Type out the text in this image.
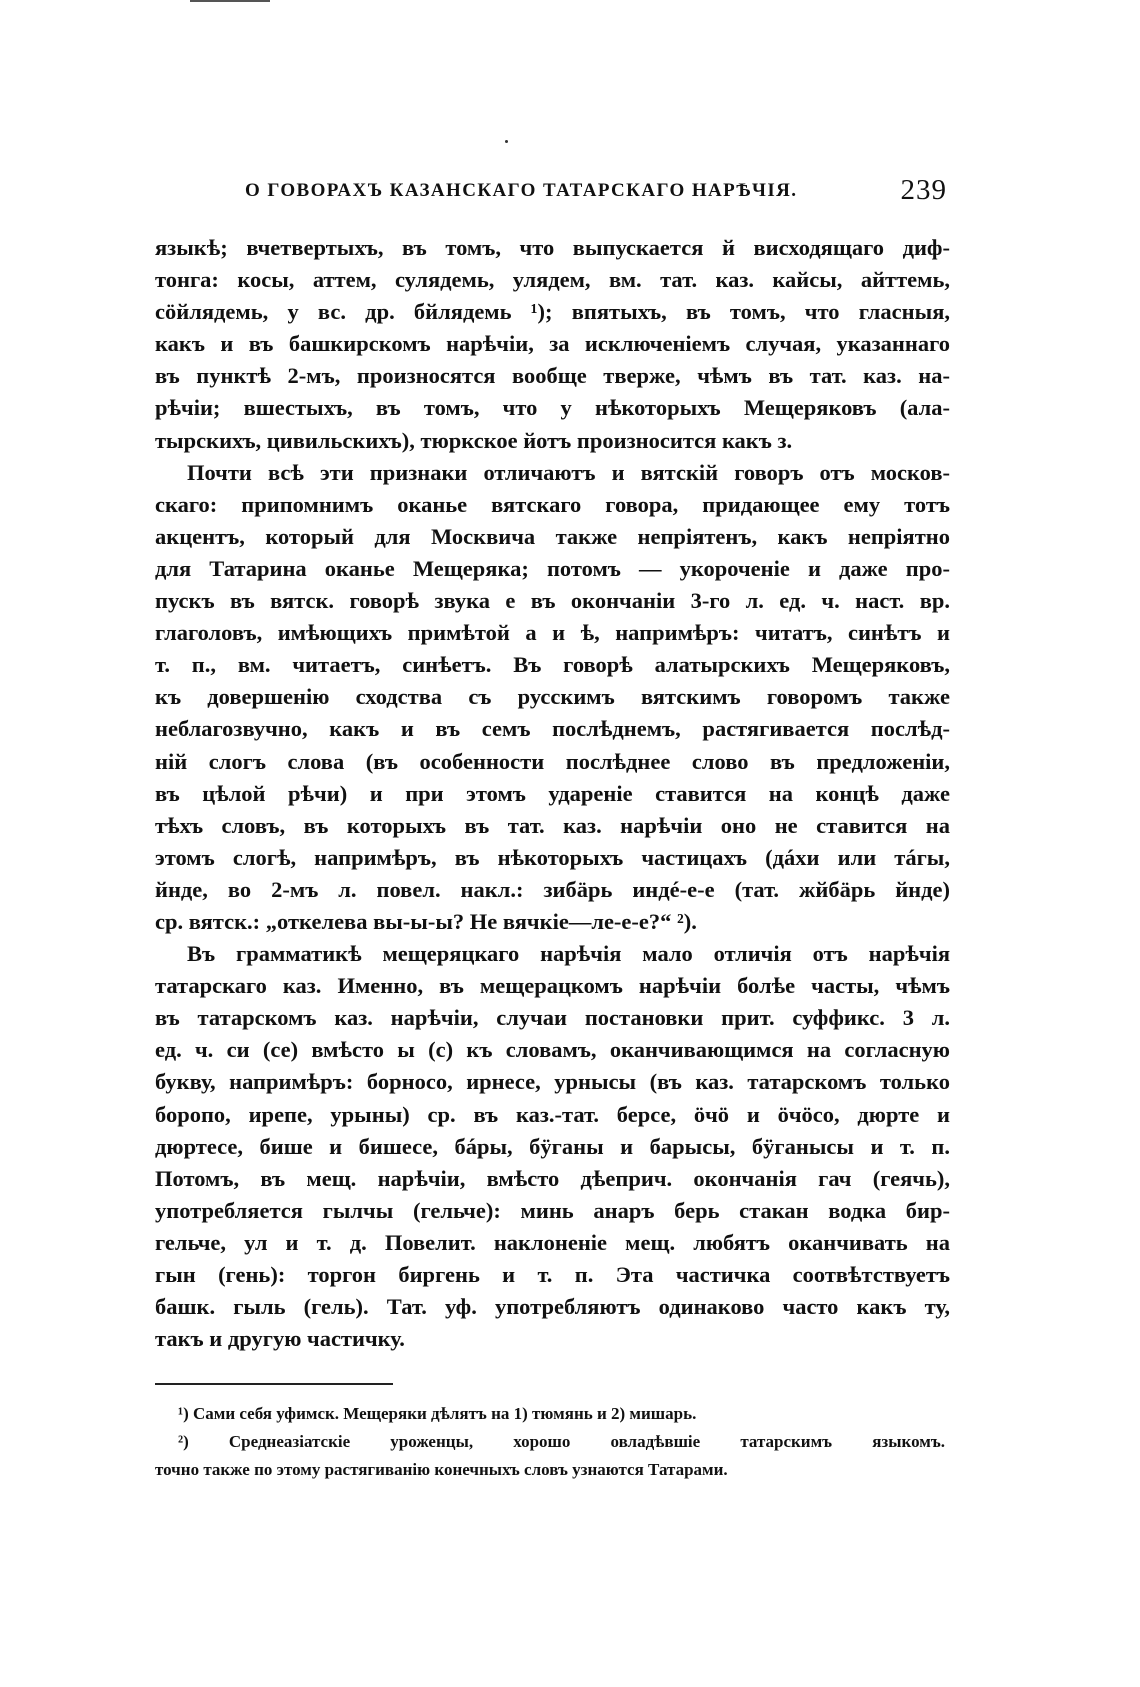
О ГОВОРАХЪ КАЗАНСКАГО ТАТАРСКАГО НАРѢЧІЯ.	239
языкѣ; вчетвертыхъ, въ томъ, что выпускается й висходящаго диф-
тонга: косы, аттем, сулядемь, улядем, вм. тат. каз. кайсы, айттемь,
сöйлядемь, у вс. др. бйлядемь ¹); впятыхъ, въ томъ, что гласныя,
какъ и въ башкирскомъ нарѣчіи, за исключеніемъ случая, указаннаго
въ пунктѣ 2-мъ, произносятся вообще тверже, чѣмъ въ тат. каз. на-
рѣчіи; вшестыхъ, въ томъ, что у нѣкоторыхъ Мещеряковъ (ала-
тырскихъ, цивильскихъ), тюркское йотъ произносится какъ з.
Почти всѣ эти признаки отличаютъ и вятскій говоръ отъ москов-
скаго: припомнимъ оканье вятскаго говора, придающее ему тотъ
акцентъ, который для Москвича также непріятенъ, какъ непріятно
для Татарина оканье Мещеряка; потомъ — укороченіе и даже про-
пускъ въ вятск. говорѣ звука е въ окончаніи 3-го л. ед. ч. наст. вр.
глаголовъ, имѣющихъ примѣтой а и ѣ, напримѣръ: читатъ, синѣтъ и
т. п., вм. читаетъ, синѣетъ. Въ говорѣ алатырскихъ Мещеряковъ,
къ довершенію сходства съ русскимъ вятскимъ говоромъ также
неблагозвучно, какъ и въ семъ послѣднемъ, растягивается послѣд-
ній слогъ слова (въ особенности послѣднее слово въ предложеніи,
въ цѣлой рѣчи) и при этомъ удареніе ставится на концѣ даже
тѣхъ словъ, въ которыхъ въ тат. каз. нарѣчіи оно не ставится на
этомъ слогѣ, напримѣръ, въ нѣкоторыхъ частицахъ (дáхи или тáгы,
йнде, во 2-мъ л. повел. накл.: зибäрь индé-е-е (тат. жйбäрь йнде)
ср. вятск.: „откелева вы-ы-ы? Не вячкіе—ле-е-е?“ ²).
Въ грамматикѣ мещеряцкаго нарѣчія мало отличія отъ нарѣчія
татарскаго каз. Именно, въ мещерацкомъ нарѣчіи болѣе часты, чѣмъ
въ татарскомъ каз. нарѣчіи, случаи постановки прит. суффикс. 3 л.
ед. ч. си (се) вмѣсто ы (с) къ словамъ, оканчивающимся на согласную
букву, напримѣръ: борносо, ирнесе, урнысы (въ каз. татарскомъ только
боропо, ирепе, урыны) ср. въ каз.-тат. берсе, öчö и öчöсо, дюрте и
дюртесе, бише и бишесе, бáры, бÿганы и барысы, бÿганысы и т. п.
Потомъ, въ мещ. нарѣчіи, вмѣсто дѣеприч. окончанія гач (геячь),
употребляется гылчы (гельче): минь анаръ берь стакан водка бир-
гельче, ул и т. д. Повелит. наклоненіе мещ. любятъ оканчивать на
гын (гень): торгон биргень и т. п. Эта частичка соотвѣтствуетъ
башк. гыль (гель). Тат. уф. употребляютъ одинаково часто какъ ту,
такъ и другую частичку.
¹) Сами себя уфимск. Мещеряки дѣлятъ на 1) тюмянь и 2) мишарь.
²) Среднеазіатскіе уроженцы, хорошо овладѣвшіе татарскимъ языкомъ.
точно также по этому растягиванію конечныхъ словъ узнаются Татарами.
